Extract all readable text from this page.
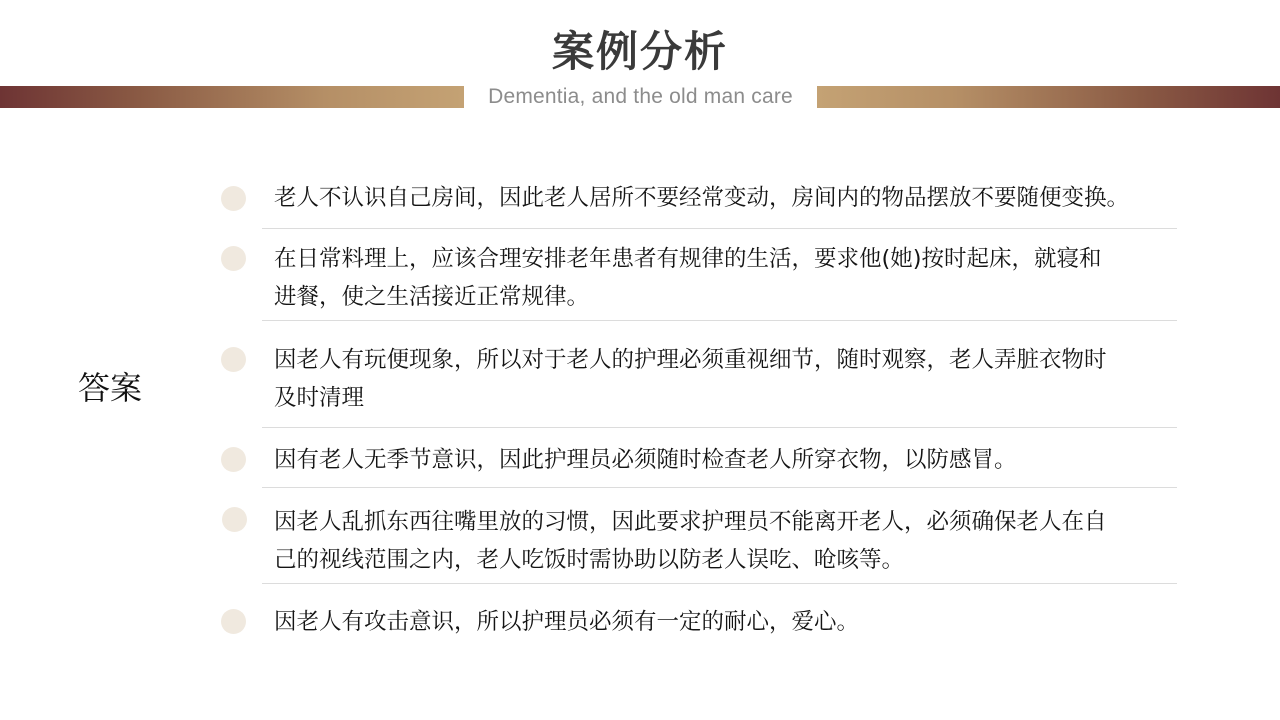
案例分析
Dementia, and the old man care
答案
老人不认识自己房间，因此老人居所不要经常变动，房间内的物品摆放不要随便变换。
在日常料理上，应该合理安排老年患者有规律的生活，要求他(她)按时起床，就寝和
进餐，使之生活接近正常规律。
因老人有玩便现象，所以对于老人的护理必须重视细节，随时观察，老人弄脏衣物时
及时清理
因有老人无季节意识，因此护理员必须随时检查老人所穿衣物，以防感冒。
因老人乱抓东西往嘴里放的习惯，因此要求护理员不能离开老人，必须确保老人在自
己的视线范围之内，老人吃饭时需协助以防老人误吃、呛咳等。
因老人有攻击意识，所以护理员必须有一定的耐心，爱心。
